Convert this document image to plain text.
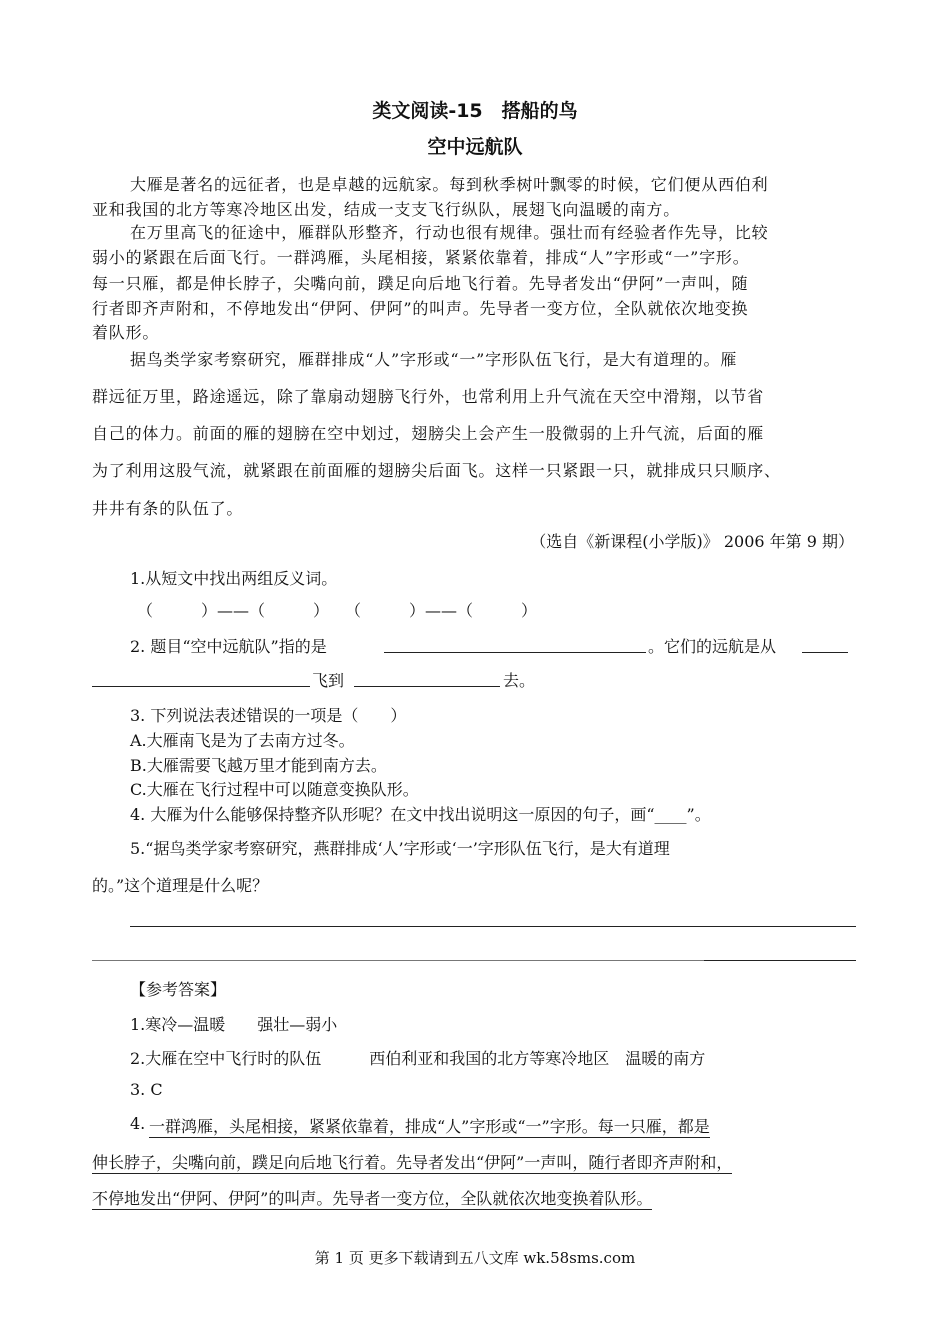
类文阅读-15　搭船的鸟
空中远航队
大雁是著名的远征者，也是卓越的远航家。每到秋季树叶飘零的时候，它们便从西伯利
亚和我国的北方等寒冷地区出发，结成一支支飞行纵队，展翅飞向温暖的南方。
在万里高飞的征途中，雁群队形整齐，行动也很有规律。强壮而有经验者作先导，比较
弱小的紧跟在后面飞行。一群鸿雁，头尾相接，紧紧依靠着，排成“人”字形或“一”字形。
每一只雁，都是伸长脖子，尖嘴向前，蹼足向后地飞行着。先导者发出“伊阿”一声叫，随
行者即齐声附和，不停地发出“伊阿、伊阿”的叫声。先导者一变方位，全队就依次地变换
着队形。
据鸟类学家考察研究，雁群排成“人”字形或“一”字形队伍飞行，是大有道理的。雁
群远征万里，路途遥远，除了靠扇动翅膀飞行外，也常利用上升气流在天空中滑翔，以节省
自己的体力。前面的雁的翅膀在空中划过，翅膀尖上会产生一股微弱的上升气流，后面的雁
为了利用这股气流，就紧跟在前面雁的翅膀尖后面飞。这样一只紧跟一只，就排成只只顺序、
井井有条的队伍了。
（选自《新课程(小学版)》 2006 年第 9 期）
1.从短文中找出两组反义词。
（　　　）——（　　　）　　（　　　）——（　　　）
2. 题目“空中远航队”指的是	。它们的远航是从
飞到	去。
3. 下列说法表述错误的一项是（　　）
A.大雁南飞是为了去南方过冬。
B.大雁需要飞越万里才能到南方去。
C.大雁在飞行过程中可以随意变换队形。
4. 大雁为什么能够保持整齐队形呢？在文中找出说明这一原因的句子，画“____”。
5.“据鸟类学家考察研究，燕群排成‘人’字形或‘一’字形队伍飞行，是大有道理
的。”这个道理是什么呢？
【参考答案】
1.寒冷—温暖　　强壮—弱小
2.大雁在空中飞行时的队伍　　　西伯利亚和我国的北方等寒冷地区　温暖的南方
3. C
4. 一群鸿雁，头尾相接，紧紧依靠着，排成“人”字形或“一”字形。每一只雁，都是
伸长脖子，尖嘴向前，蹼足向后地飞行着。先导者发出“伊阿”一声叫，随行者即齐声附和，
不停地发出“伊阿、伊阿”的叫声。先导者一变方位，全队就依次地变换着队形。
第 1 页 更多下载请到五八文库 wk.58sms.com
